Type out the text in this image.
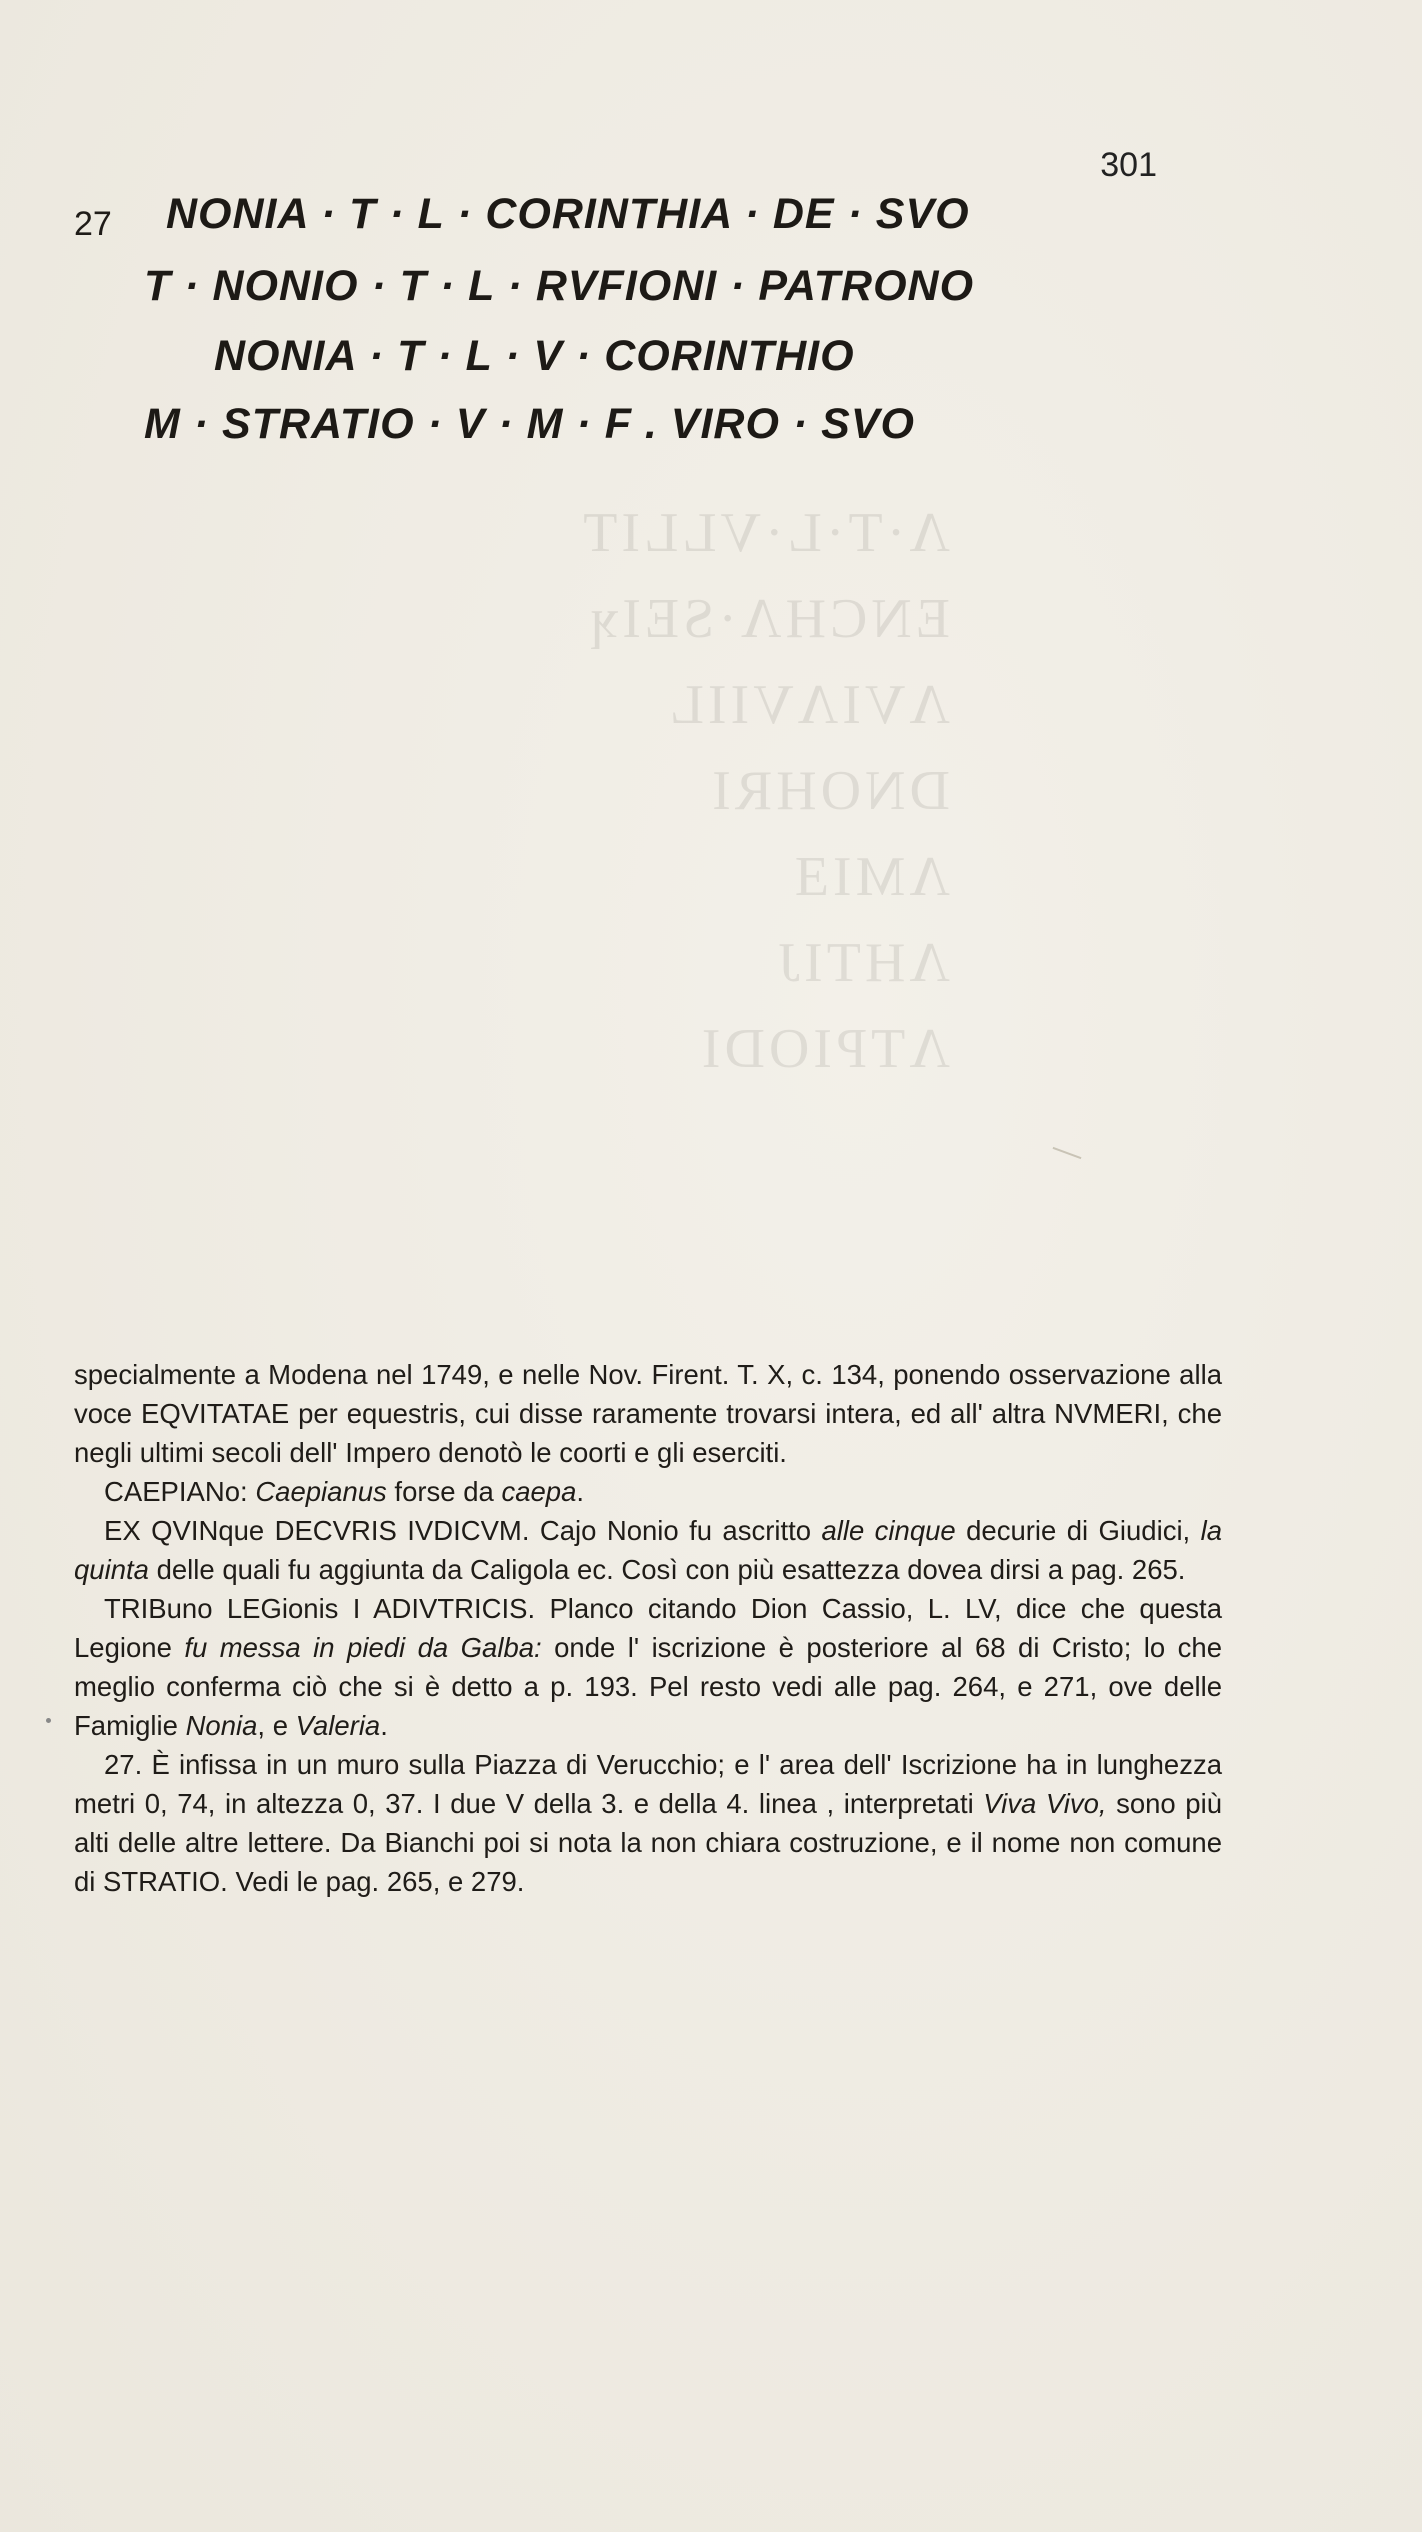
Λ·T·L·VLLIT
ENCHΛ·SEIʞ
ΛVIΛVIIL
DNOHRI
ΛMIƎ
ΛHTIJ
ΛTPIODI
301
27 NONIA · T · L · CORINTHIA · DE · SVO
T · NONIO · T · L · RVFIONI · PATRONO
NONIA · T · L · V · CORINTHIO
M · STRATIO · V · M · F . VIRO · SVO

specialmente a Modena nel 1749, e nelle Nov. Firent. T. X, c. 134, ponendo osservazione alla voce EQVITATAE per equestris, cui disse raramente trovarsi intera, ed all' altra NVMERI, che negli ultimi secoli dell' Impero denotò le coorti e gli eserciti.

CAEPIANo: Caepianus forse da caepa.

EX QVINque DECVRIS IVDICVM. Cajo Nonio fu ascritto alle cinque decurie di Giudici, la quinta delle quali fu aggiunta da Caligola ec. Così con più esattezza dovea dirsi a pag. 265.

TRIBuno LEGionis I ADIVTRICIS. Planco citando Dion Cassio, L. LV, dice che questa Legione fu messa in piedi da Galba: onde l' iscrizione è posteriore al 68 di Cristo; lo che meglio conferma ciò che si è detto a p. 193. Pel resto vedi alle pag. 264, e 271, ove delle Famiglie Nonia, e Valeria.

27. È infissa in un muro sulla Piazza di Verucchio; e l' area dell' Iscrizione ha in lunghezza metri 0, 74, in altezza 0, 37. I due V della 3. e della 4. linea , interpretati Viva Vivo, sono più alti delle altre lettere. Da Bianchi poi si nota la non chiara costruzione, e il nome non comune di STRATIO. Vedi le pag. 265, e 279.
